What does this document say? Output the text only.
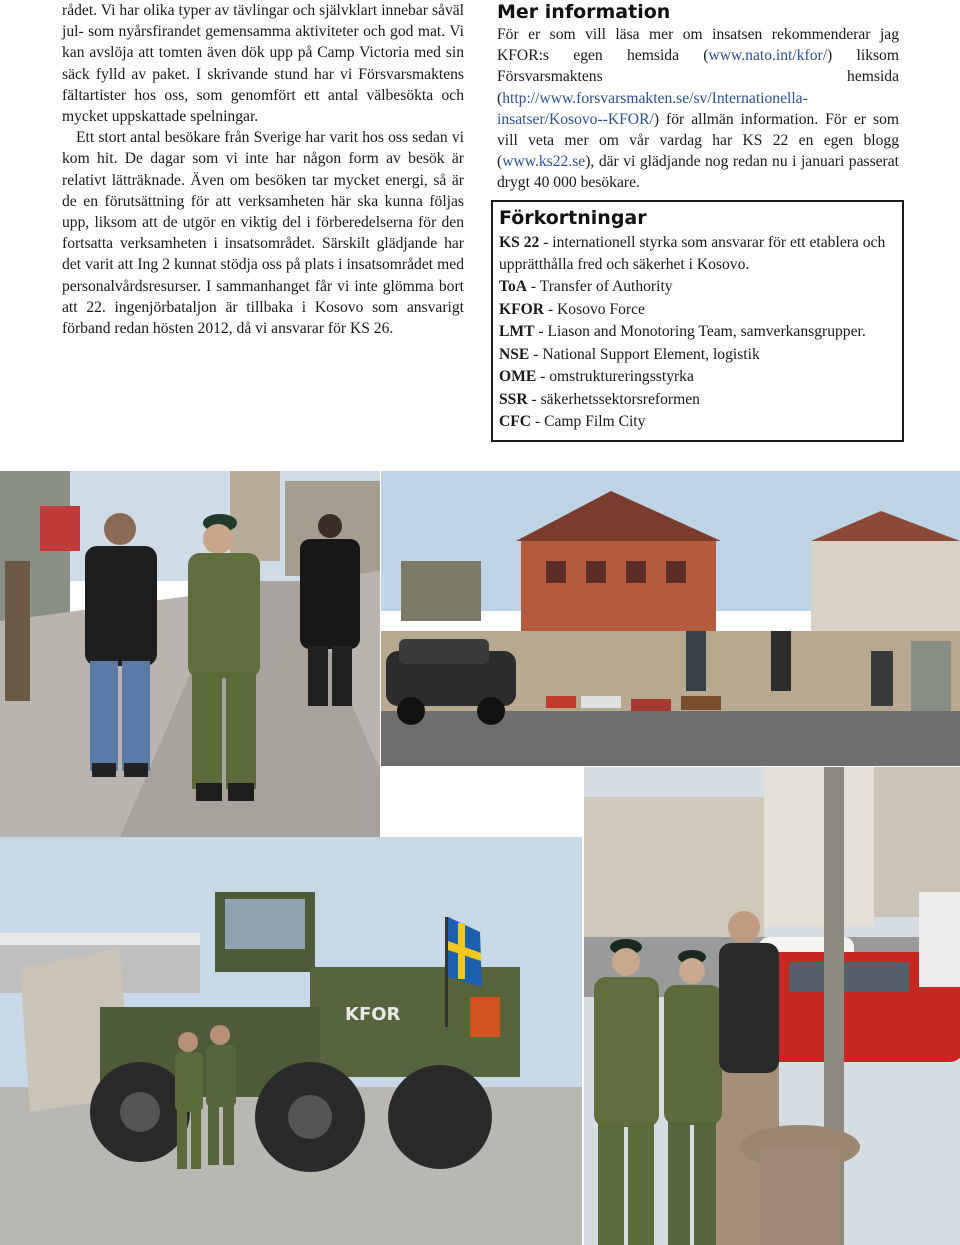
rådet. Vi har olika typer av tävlingar och självklart innebar såväl jul- som nyårsfirandet gemensamma aktiviteter och god mat. Vi kan avslöja att tomten även dök upp på Camp Victoria med sin säck fylld av paket. I skrivande stund har vi Försvarsmaktens fältartister hos oss, som genomfört ett antal välbesökta och mycket uppskattade spelningar.

Ett stort antal besökare från Sverige har varit hos oss sedan vi kom hit. De dagar som vi inte har någon form av besök är relativt lätträknade. Även om besöken tar mycket energi, så är de en förutsättning för att verksamheten här ska kunna följas upp, liksom att de utgör en viktig del i förberedelserna för den fortsatta verksamheten i insatsområdet. Särskilt glädjande har det varit att Ing 2 kunnat stödja oss på plats i insatsområdet med personalvårdsresurser. I sammanhanget får vi inte glömma bort att 22. ingenjörbataljon är tillbaka i Kosovo som ansvarigt förband redan hösten 2012, då vi ansvarar för KS 26.

Mer information

För er som vill läsa mer om insatsen rekommenderar jag KFOR:s egen hemsida (www.nato.int/kfor/) liksom Försvarsmaktens hemsida (http://www.forsvarsmakten.se/sv/Internationella-insatser/Kosovo--KFOR/) för allmän information. För er som vill veta mer om vår vardag har KS 22 en egen blogg (www.ks22.se), där vi glädjande nog redan nu i januari passerat drygt 40 000 besökare.

Förkortningar
KS 22 - internationell styrka som ansvarar för ett etablera och upprätthålla fred och säkerhet i Kosovo.
ToA - Transfer of Authority
KFOR - Kosovo Force
LMT - Liason and Monotoring Team, samverkansgrupper.
NSE - National Support Element, logistik
OME - omstruktureringsstyrka
SSR - säkerhetssektorsreformen
CFC - Camp Film City
KFOR
